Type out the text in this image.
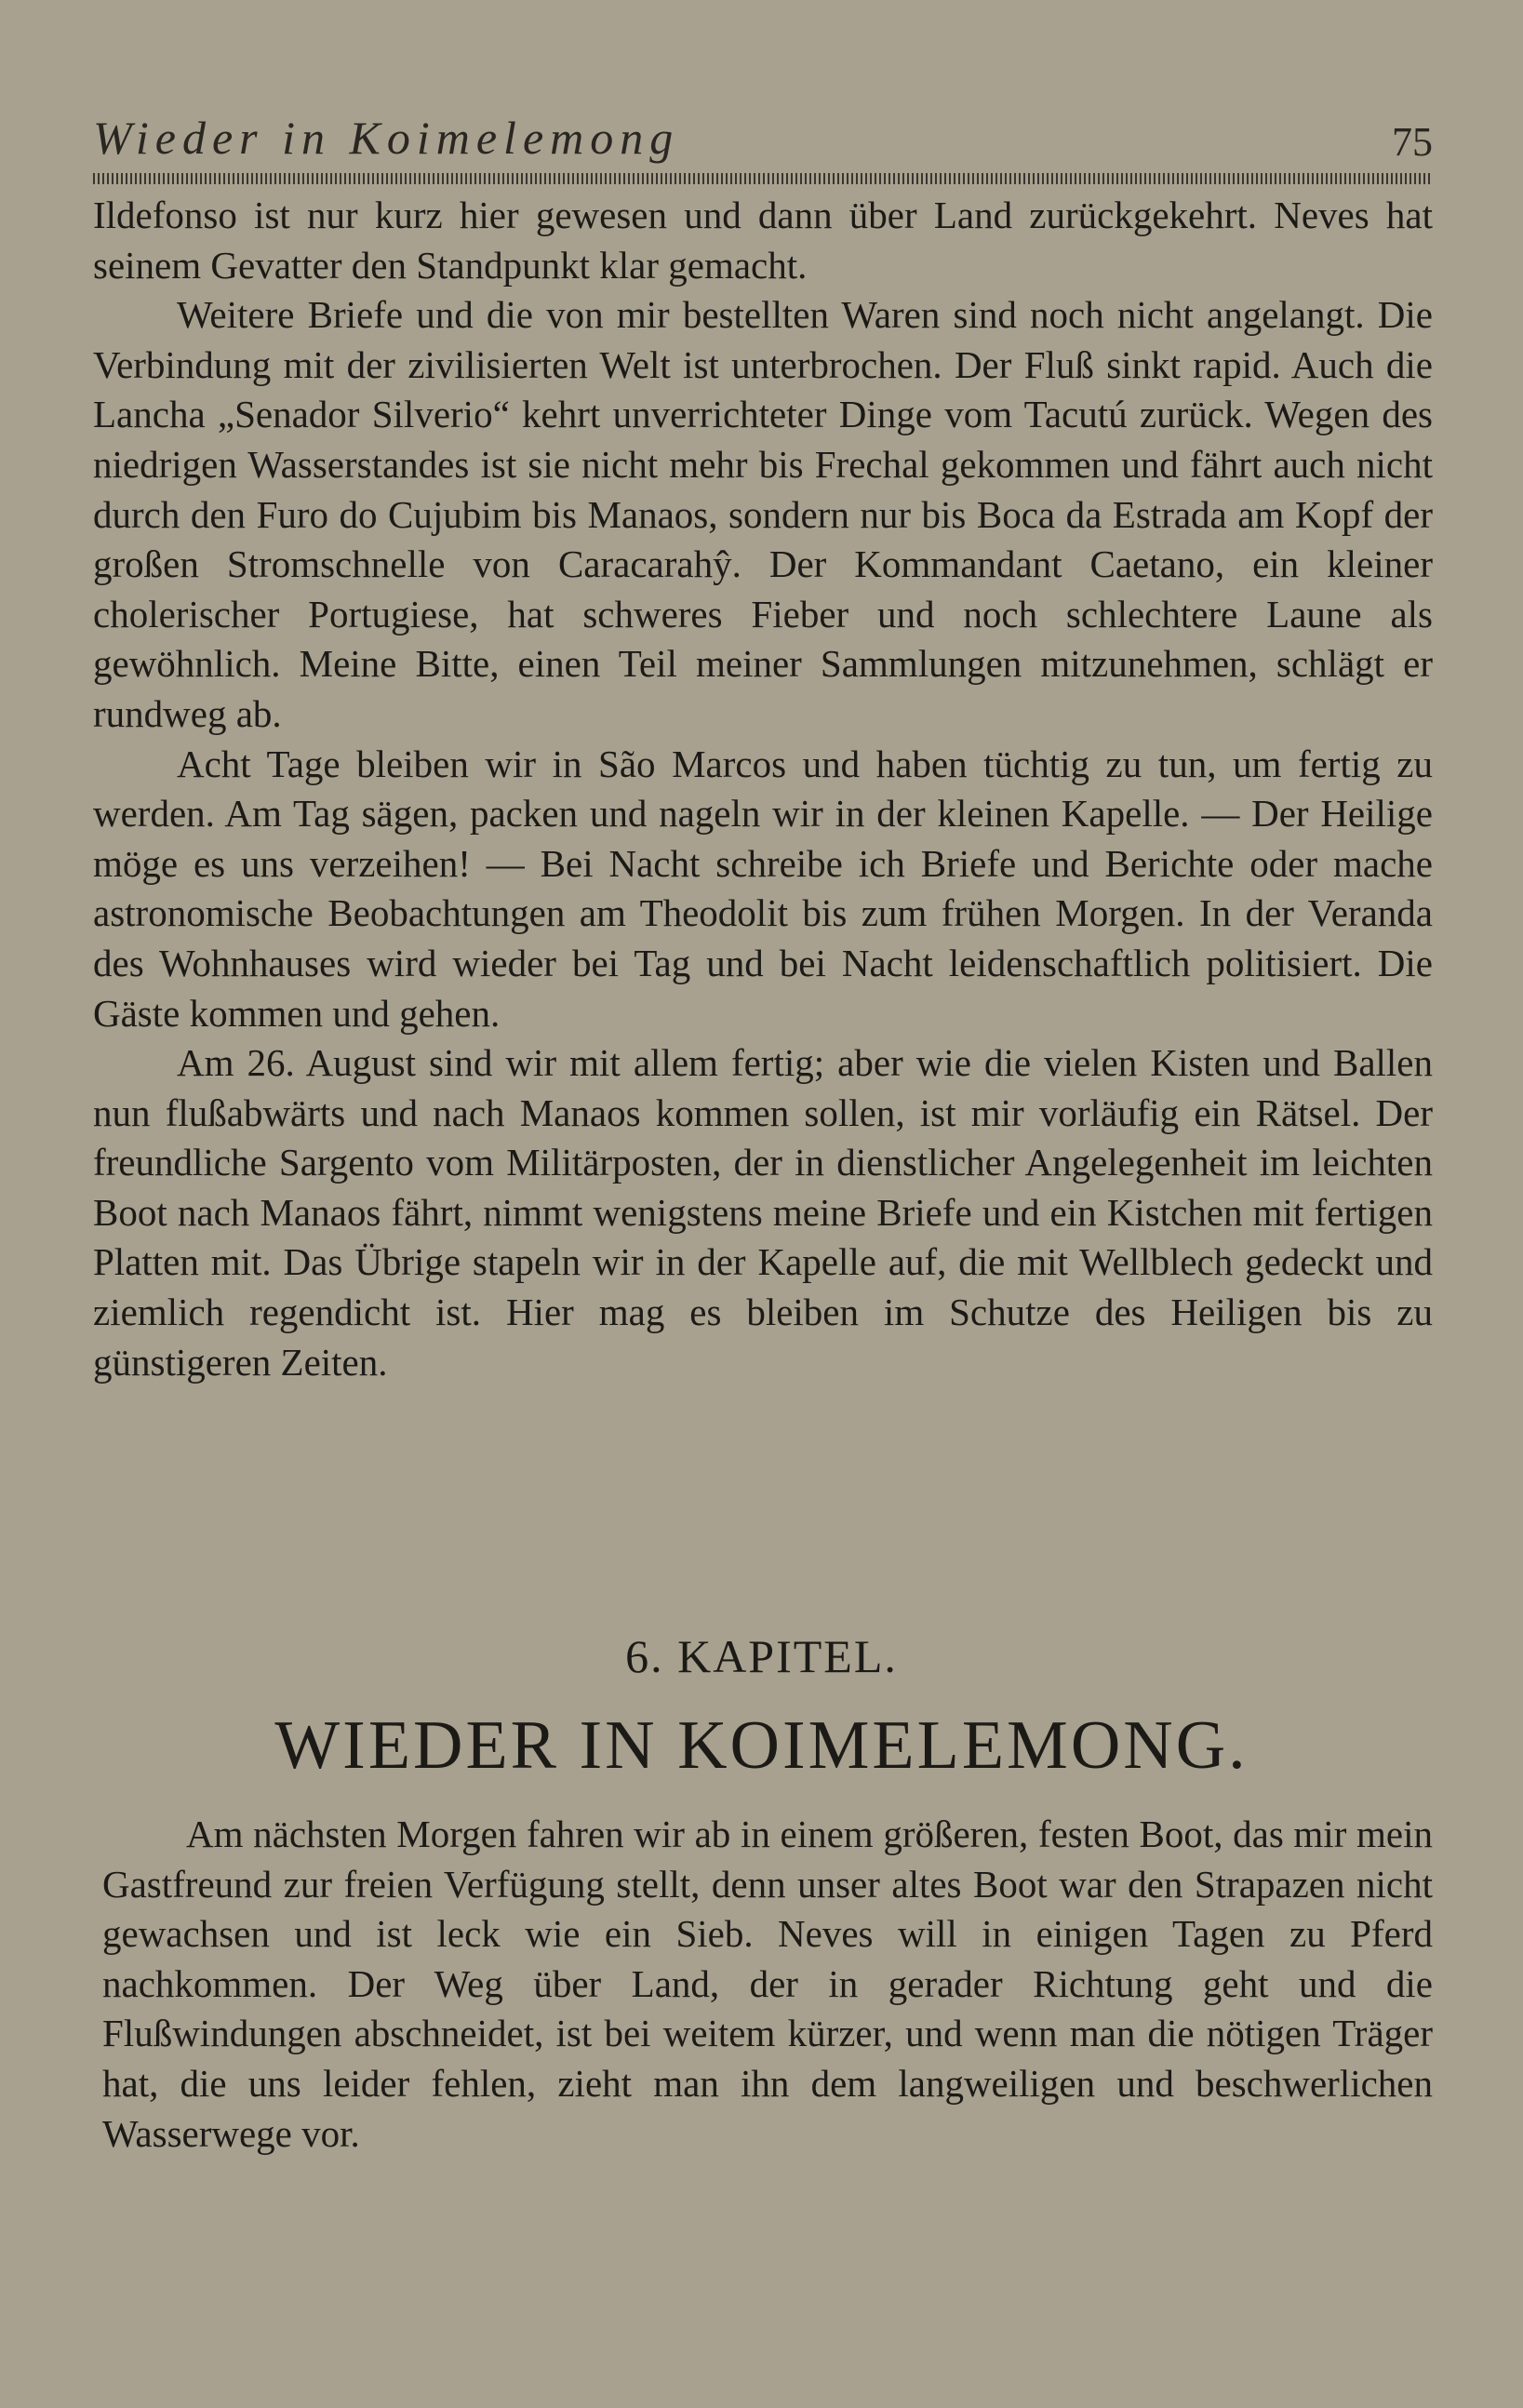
Wieder in Koimelemong	75

Ildefonso ist nur kurz hier gewesen und dann über Land zurückgekehrt. Neves hat seinem Gevatter den Standpunkt klar gemacht.

Weitere Briefe und die von mir bestellten Waren sind noch nicht angelangt. Die Verbindung mit der zivilisierten Welt ist unterbrochen. Der Fluß sinkt rapid. Auch die Lancha „Senador Silverio“ kehrt unverrichteter Dinge vom Tacutú zurück. Wegen des niedrigen Wasserstandes ist sie nicht mehr bis Frechal gekommen und fährt auch nicht durch den Furo do Cujubim bis Manaos, sondern nur bis Boca da Estrada am Kopf der großen Stromschnelle von Caracarahŷ. Der Kommandant Caetano, ein kleiner cholerischer Portugiese, hat schweres Fieber und noch schlechtere Laune als gewöhnlich. Meine Bitte, einen Teil meiner Sammlungen mitzunehmen, schlägt er rundweg ab.

Acht Tage bleiben wir in São Marcos und haben tüchtig zu tun, um fertig zu werden. Am Tag sägen, packen und nageln wir in der kleinen Kapelle. — Der Heilige möge es uns verzeihen! — Bei Nacht schreibe ich Briefe und Berichte oder mache astronomische Beobachtungen am Theodolit bis zum frühen Morgen. In der Veranda des Wohnhauses wird wieder bei Tag und bei Nacht leidenschaftlich politisiert. Die Gäste kommen und gehen.

Am 26. August sind wir mit allem fertig; aber wie die vielen Kisten und Ballen nun flußabwärts und nach Manaos kommen sollen, ist mir vorläufig ein Rätsel. Der freundliche Sargento vom Militärposten, der in dienstlicher Angelegenheit im leichten Boot nach Manaos fährt, nimmt wenigstens meine Briefe und ein Kistchen mit fertigen Platten mit. Das Übrige stapeln wir in der Kapelle auf, die mit Wellblech gedeckt und ziemlich regendicht ist. Hier mag es bleiben im Schutze des Heiligen bis zu günstigeren Zeiten.

6. KAPITEL.
WIEDER IN KOIMELEMONG.

Am nächsten Morgen fahren wir ab in einem größeren, festen Boot, das mir mein Gastfreund zur freien Verfügung stellt, denn unser altes Boot war den Strapazen nicht gewachsen und ist leck wie ein Sieb. Neves will in einigen Tagen zu Pferd nachkommen. Der Weg über Land, der in gerader Richtung geht und die Flußwindungen abschneidet, ist bei weitem kürzer, und wenn man die nötigen Träger hat, die uns leider fehlen, zieht man ihn dem langweiligen und beschwerlichen Wasserwege vor.
